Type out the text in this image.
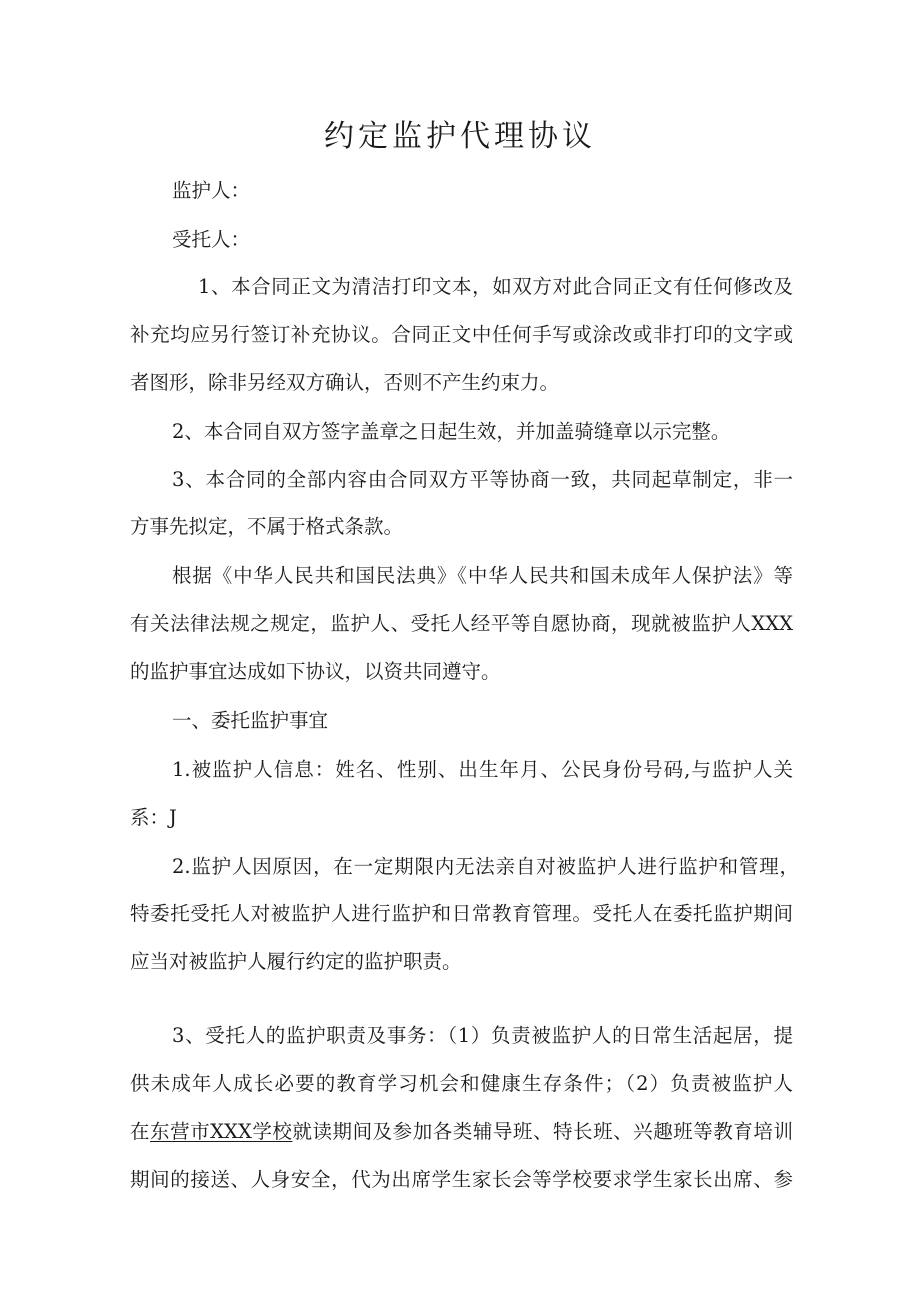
约定监护代理协议
监护人：
受托人：
1、本合同正文为清洁打印文本，如双方对此合同正文有任何修改及
补充均应另行签订补充协议。合同正文中任何手写或涂改或非打印的文字或
者图形，除非另经双方确认，否则不产生约束力。
2、本合同自双方签字盖章之日起生效，并加盖骑缝章以示完整。
3、本合同的全部内容由合同双方平等协商一致，共同起草制定，非一
方事先拟定，不属于格式条款。
根据《中华人民共和国民法典》《中华人民共和国未成年人保护法》等
有关法律法规之规定，监护人、受托人经平等自愿协商，现就被监护人XXX
的监护事宜达成如下协议，以资共同遵守。
一、委托监护事宜
1.被监护人信息：姓名、性别、出生年月、公民身份号码,与监护人关
系：J
2.监护人因原因，在一定期限内无法亲自对被监护人进行监护和管理，
特委托受托人对被监护人进行监护和日常教育管理。受托人在委托监护期间
应当对被监护人履行约定的监护职责。
3、受托人的监护职责及事务：（1）负责被监护人的日常生活起居，提
供未成年人成长必要的教育学习机会和健康生存条件；（2）负责被监护人
在东营市XXX学校就读期间及参加各类辅导班、特长班、兴趣班等教育培训
期间的接送、人身安全，代为出席学生家长会等学校要求学生家长出席、参
